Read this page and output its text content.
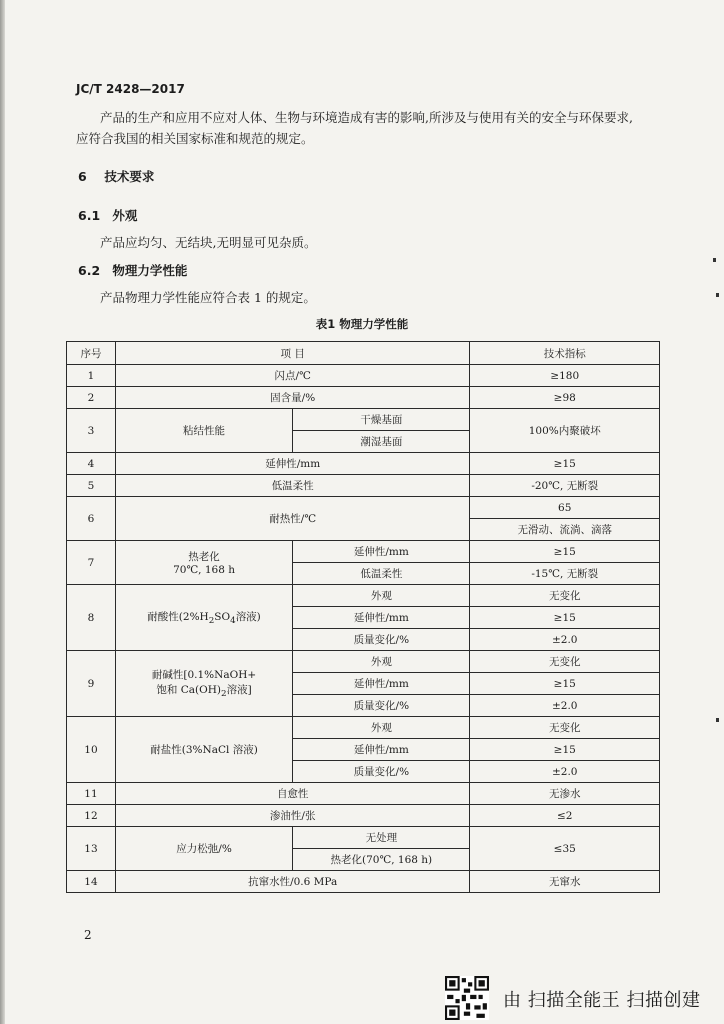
JC/T 2428—2017
产品的生产和应用不应对人体、生物与环境造成有害的影响,所涉及与使用有关的安全与环保要求,
应符合我国的相关国家标准和规范的规定。
6 技术要求
6.1 外观
产品应均匀、无结块,无明显可见杂质。
6.2 物理力学性能
产品物理力学性能应符合表 1 的规定。
表1 物理力学性能
序号	项 目		技术指标
1	闪点/℃		≥180
2	固含量/%		≥98
3	粘结性能	干燥基面	100%内聚破坏
		潮湿基面	
4	延伸性/mm		≥15
5	低温柔性		-20℃, 无断裂
6	耐热性/℃		65
			无滑动、流淌、滴落
7	热老化
70℃, 168 h	延伸性/mm	≥15
		低温柔性	-15℃, 无断裂
8	耐酸性($2\%H_2SO_4$溶液)	外观	无变化
		延伸性/mm	≥15
		质量变化/%	±2.0
9	耐碱性[0.1%NaOH+
饱和 $Ca(OH)_2$溶液]	外观	无变化
		延伸性/mm	≥15
		质量变化/%	±2.0
10	耐盐性(3%NaCl 溶液)	外观	无变化
		延伸性/mm	≥15
		质量变化/%	±2.0
11	自愈性		无渗水
12	渗油性/张		≤2
13	应力松弛/%	无处理	≤35
		热老化(70℃, 168 h)	
14	抗窜水性/0.6 MPa		无窜水
2
由 扫描全能王 扫描创建
